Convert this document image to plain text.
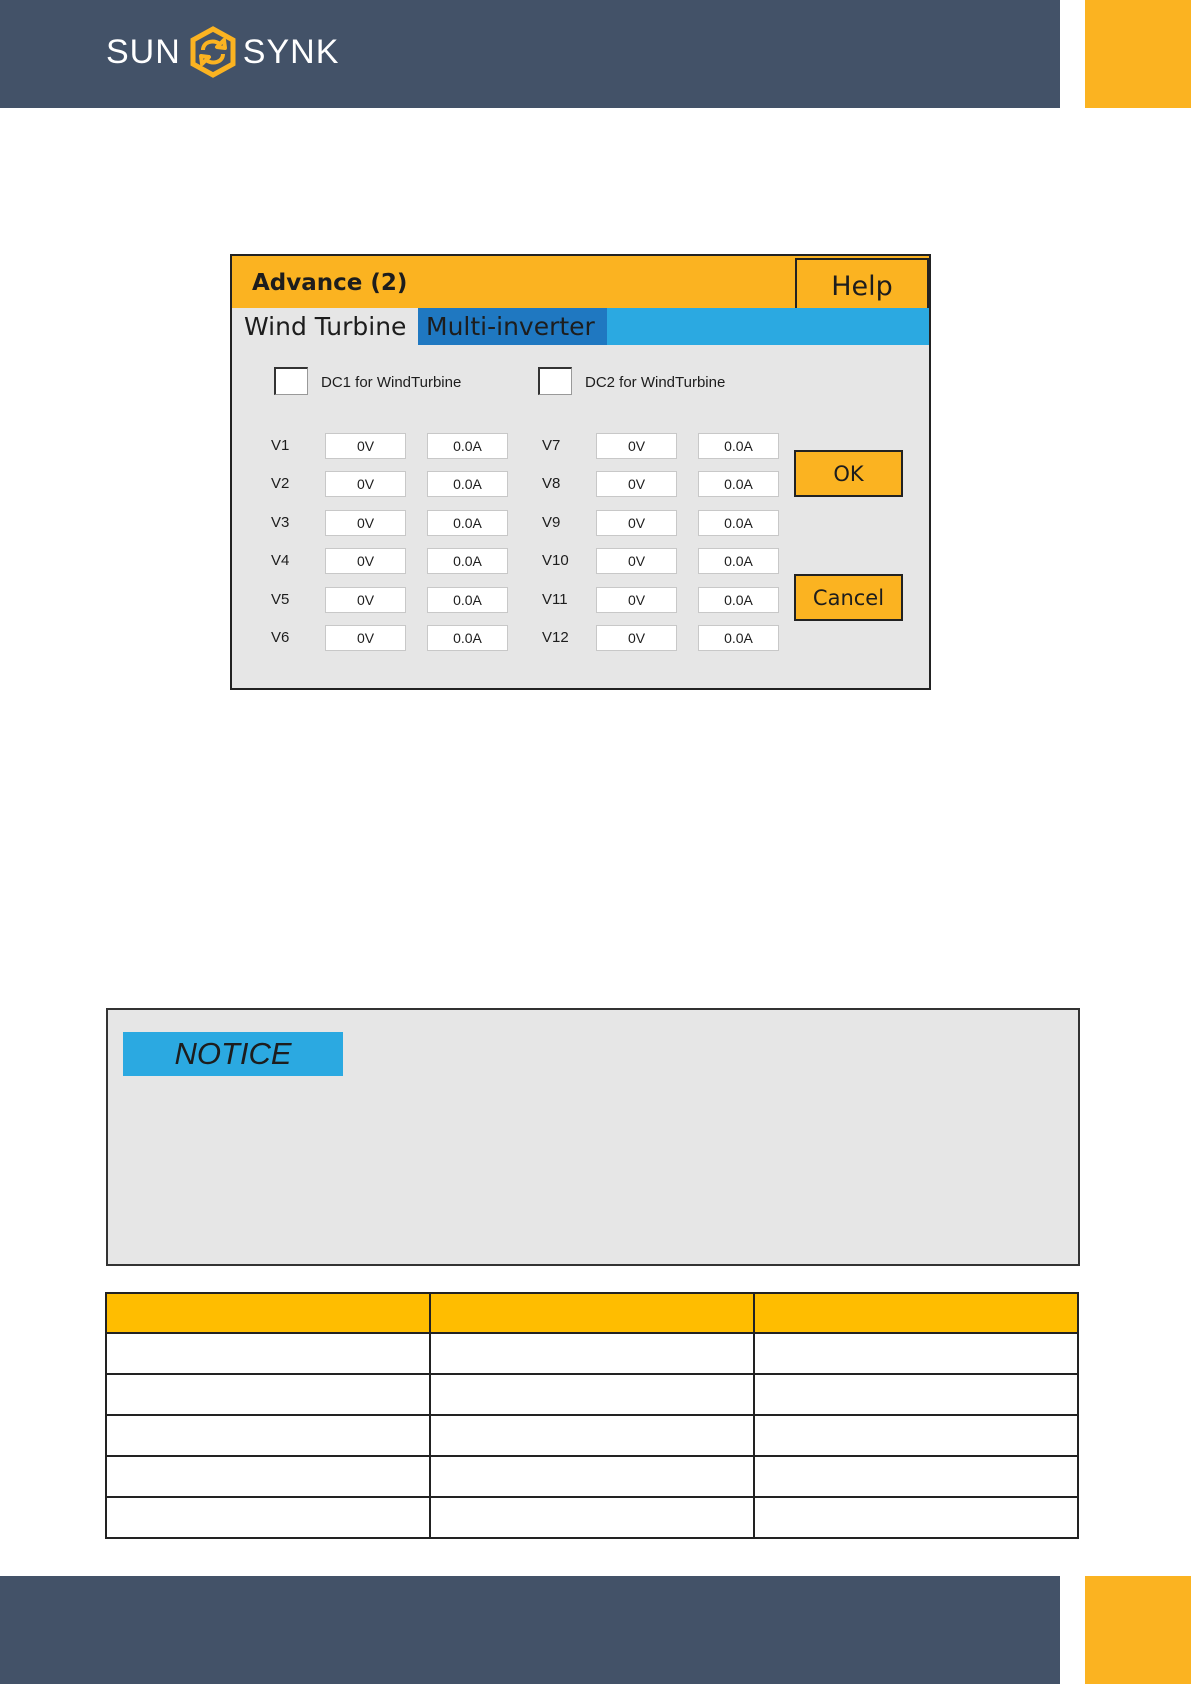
SUN SYNK
Advance (2)	Help
Wind Turbine Multi-inverter
DC1 for WindTurbine	DC2 for WindTurbine
V1	0V	0.0A
V2	0V	0.0A
V3	0V	0.0A
V4	0V	0.0A
V5	0V	0.0A
V6	0V	0.0A
V7	0V	0.0A
V8	0V	0.0A
V9	0V	0.0A
V10	0V	0.0A
V11	0V	0.0A
V12	0V	0.0A
OK
Cancel
NOTICE
